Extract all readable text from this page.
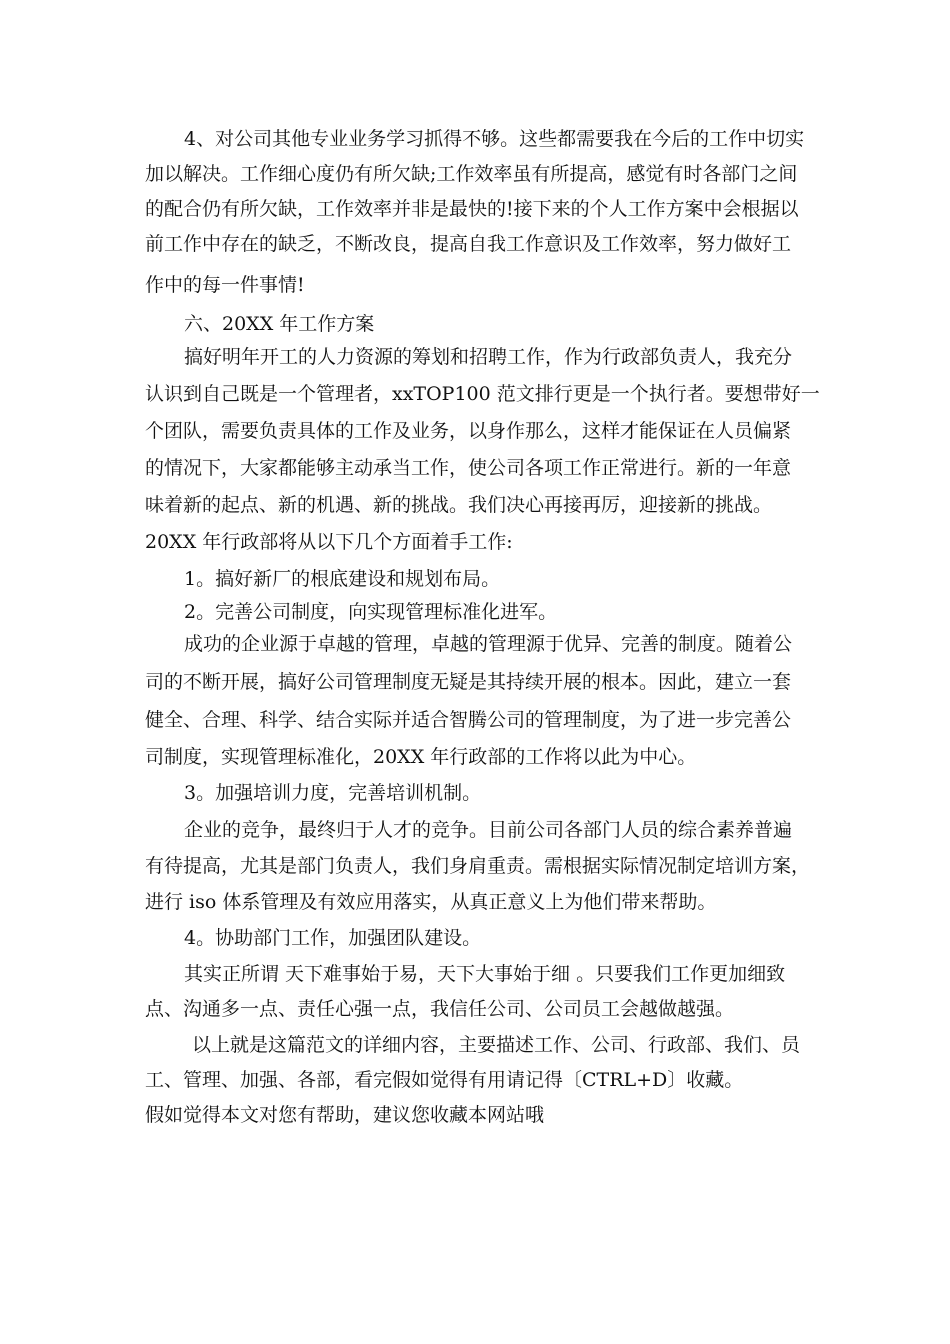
4、对公司其他专业业务学习抓得不够。这些都需要我在今后的工作中切实
加以解决。工作细心度仍有所欠缺;工作效率虽有所提高，感觉有时各部门之间
的配合仍有所欠缺，工作效率并非是最快的!接下来的个人工作方案中会根据以
前工作中存在的缺乏，不断改良，提高自我工作意识及工作效率，努力做好工
作中的每一件事情!
六、20XX 年工作方案
搞好明年开工的人力资源的筹划和招聘工作，作为行政部负责人，我充分
认识到自己既是一个管理者，xxTOP100 范文排行更是一个执行者。要想带好一
个团队，需要负责具体的工作及业务，以身作那么，这样才能保证在人员偏紧
的情况下，大家都能够主动承当工作，使公司各项工作正常进行。新的一年意
味着新的起点、新的机遇、新的挑战。我们决心再接再厉，迎接新的挑战。
20XX 年行政部将从以下几个方面着手工作:
1。搞好新厂的根底建设和规划布局。
2。完善公司制度，向实现管理标准化进军。
成功的企业源于卓越的管理，卓越的管理源于优异、完善的制度。随着公
司的不断开展，搞好公司管理制度无疑是其持续开展的根本。因此，建立一套
健全、合理、科学、结合实际并适合智腾公司的管理制度，为了进一步完善公
司制度，实现管理标准化，20XX 年行政部的工作将以此为中心。
3。加强培训力度，完善培训机制。
企业的竞争，最终归于人才的竞争。目前公司各部门人员的综合素养普遍
有待提高，尤其是部门负责人，我们身肩重责。需根据实际情况制定培训方案，
进行 iso 体系管理及有效应用落实，从真正意义上为他们带来帮助。
4。协助部门工作，加强团队建设。
其实正所谓 天下难事始于易，天下大事始于细 。只要我们工作更加细致
点、沟通多一点、责任心强一点，我信任公司、公司员工会越做越强。
以上就是这篇范文的详细内容，主要描述工作、公司、行政部、我们、员
工、管理、加强、各部，看完假如觉得有用请记得〔CTRL+D〕收藏。
假如觉得本文对您有帮助，建议您收藏本网站哦
